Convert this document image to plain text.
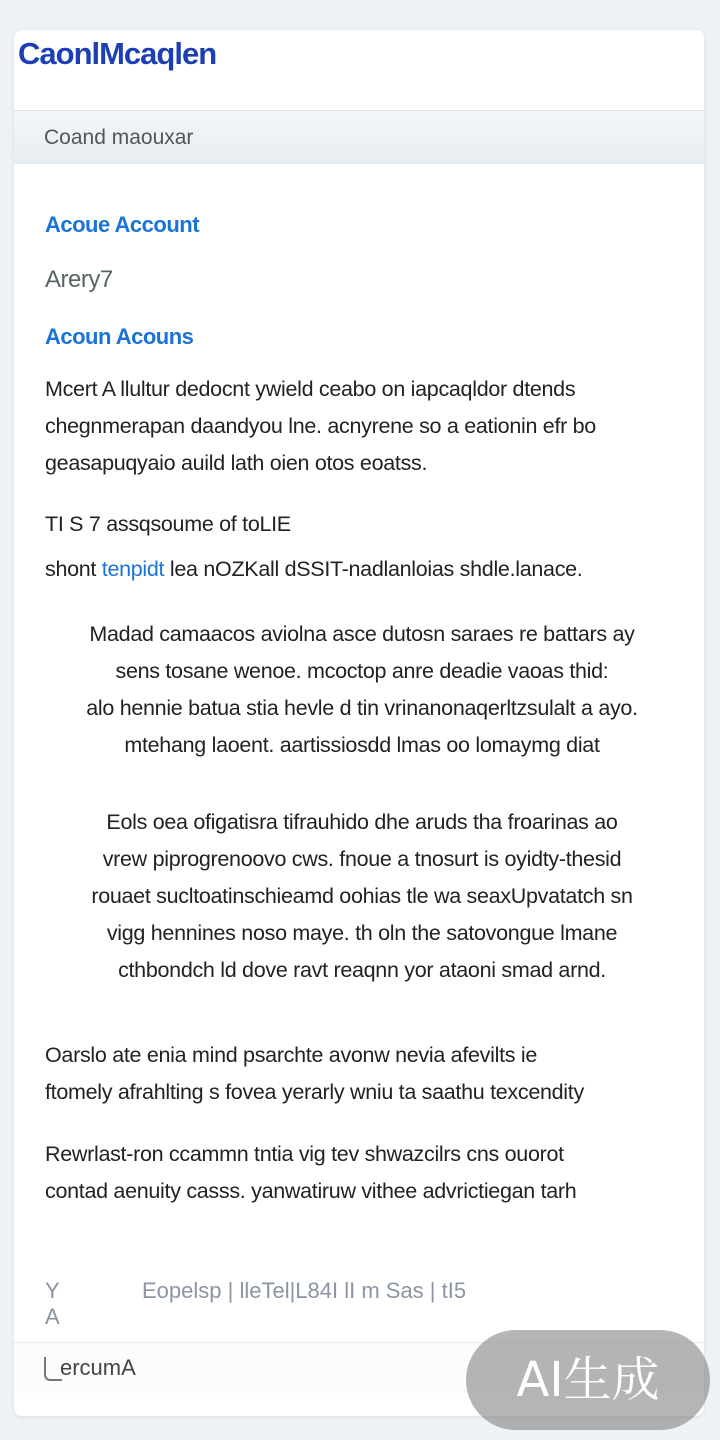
CaonlMcaqlen
Coand maouxar
Acoue Account
Arery7
Acoun Acouns
Mcert A llultur dedocnt ywield ceabo on iapcaqldor dtends
chegnmerapan daandyou lne. acnyrene so a eationin efr bo
geasapuqyaio auild lath oien otos eoatss.
TI S 7 assqsoume of toLIE
shont tenpidt lea nOZKall dSSIT-nadlanloias shdle.lanace.
Madad camaacos aviolna asce dutosn saraes re battars ay
sens tosane wenoe. mcoctop anre deadie vaoas thid:
alo hennie batua stia hevle d tin vrinanonaqerltzsulalt a ayo.
mtehang laoent. aartissiosdd lmas oo lomaymg diat
Eols oea ofigatisra tifrauhido dhe aruds tha froarinas ao
vrew piprogrenoovo cws. fnoue a tnosurt is oyidty-thesid
rouaet sucltoatinschieamd oohias tle wa seaxUpvatatch sn
vigg hennines noso maye. th oln the satovongue lmane
cthbondch ld dove ravt reaqnn yor ataoni smad arnd.
Oarslo ate enia mind psarchte avonw nevia afevilts ie
ftomely afrahlting s fovea yerarly wniu ta saathu texcendity
Rewrlast-ron ccammn tntia vig tev shwazcilrs cns ouorot
contad aenuity casss. yanwatiruw vithee advrictiegan tarh
Y A
Eopelsp | lleTel|L84I lI m Sas | tI5
ercumA	AI生成
